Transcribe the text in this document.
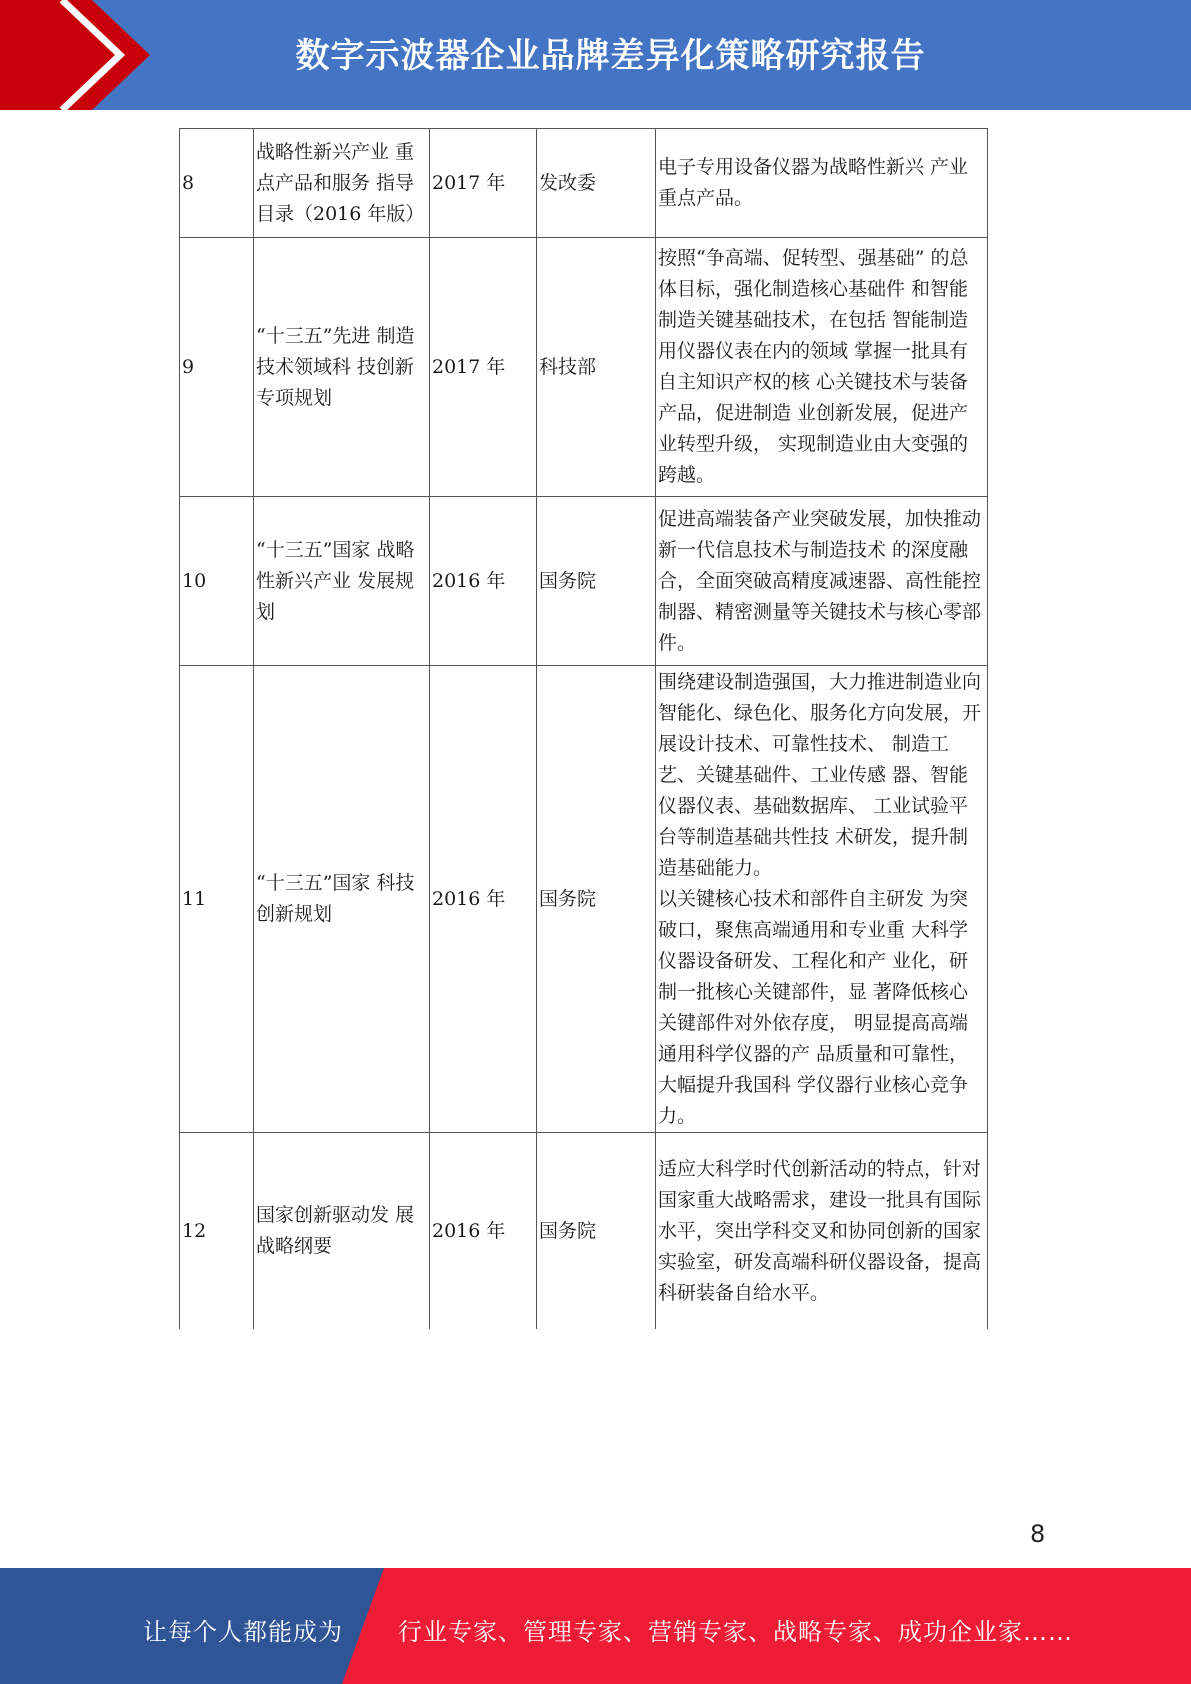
数字示波器企业品牌差异化策略研究报告
8	战略性新兴产业 重点产品和服务 指导目录（2016 年版）	2017 年	发改委	电子专用设备仪器为战略性新兴 产业重点产品。
9	“十三五”先进 制造技术领域科 技创新专项规划	2017 年	科技部	按照“争高端、促转型、强基础” 的总体目标，强化制造核心基础件 和智能制造关键基础技术，在包括 智能制造用仪器仪表在内的领域 掌握一批具有自主知识产权的核 心关键技术与装备产品，促进制造 业创新发展，促进产业转型升级， 实现制造业由大变强的跨越。
10	“十三五”国家 战略性新兴产业 发展规划	2016 年	国务院	促进高端装备产业突破发展，加快推动新一代信息技术与制造技术 的深度融合，全面突破高精度减速器、高性能控制器、精密测量等关键技术与核心零部件。
11	“十三五”国家 科技创新规划	2016 年	国务院	围绕建设制造强国，大力推进制造业向智能化、绿色化、服务化方向发展，开展设计技术、可靠性技术、 制造工艺、关键基础件、工业传感 器、智能仪器仪表、基础数据库、 工业试验平台等制造基础共性技 术研发，提升制造基础能力。
以关键核心技术和部件自主研发 为突破口，聚焦高端通用和专业重 大科学仪器设备研发、工程化和产 业化，研制一批核心关键部件，显 著降低核心关键部件对外依存度， 明显提高高端通用科学仪器的产 品质量和可靠性，大幅提升我国科 学仪器行业核心竞争力。

12	国家创新驱动发 展战略纲要	2016 年	国务院	适应大科学时代创新活动的特点，针对国家重大战略需求，建设一批具有国际水平，突出学科交叉和协同创新的国家实验室，研发高端科研仪器设备，提高科研装备自给水平。
8
让每个人都能成为 行业专家、管理专家、营销专家、战略专家、成功企业家……
